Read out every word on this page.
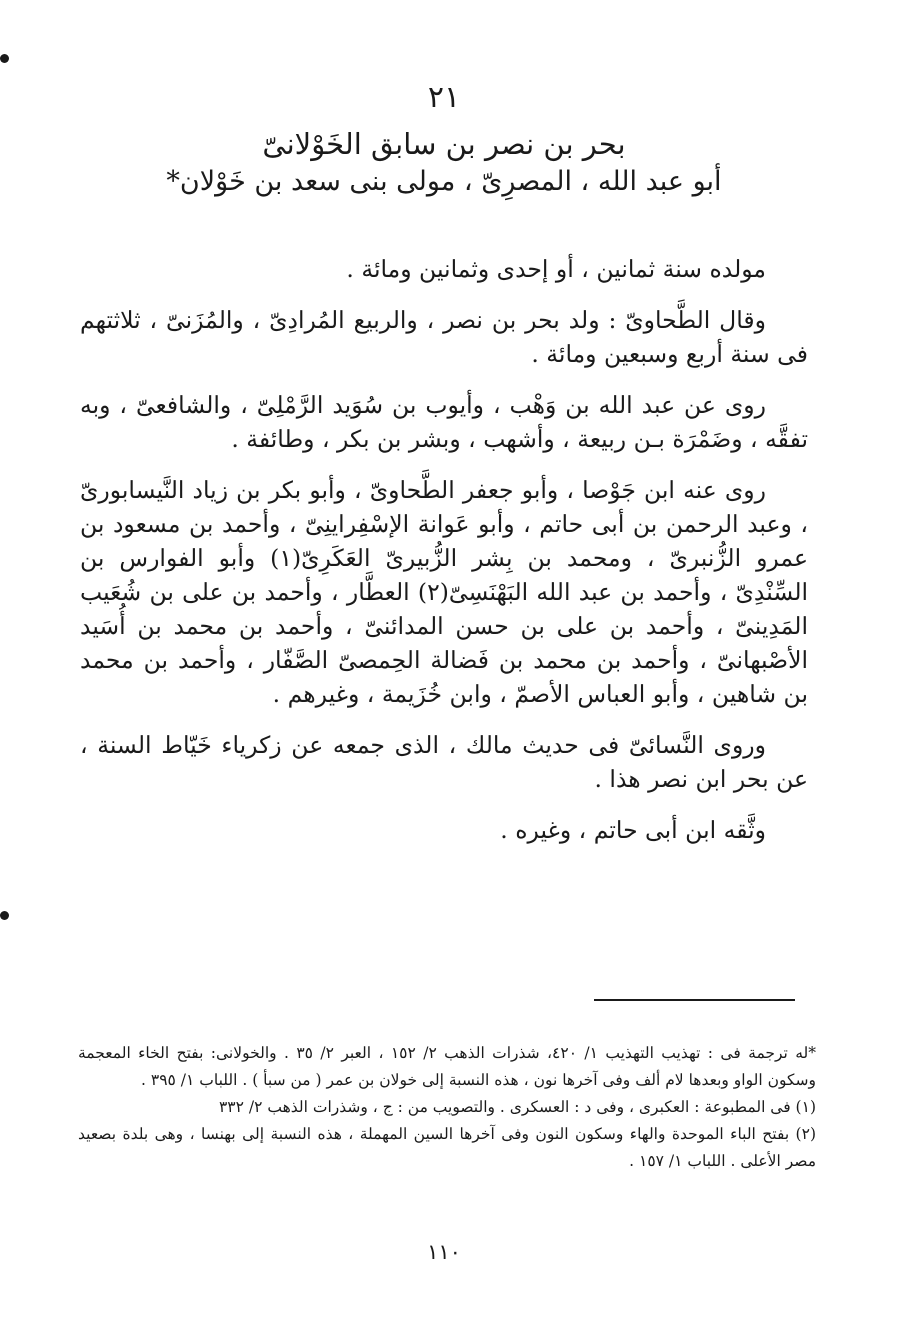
٢١
بحر بن نصر بن سابق الخَوْلانىّ
أبو عبد الله ، المصرِىّ ، مولى بنى سعد بن خَوْلان*

مولده سنة ثمانين ، أو إحدى وثمانين ومائة .

وقال الطَّحاوىّ : ولد بحر بن نصر ، والربيع المُرادِىّ ، والمُزَنىّ ، ثلاثتهم فى سنة أربع وسبعين ومائة .

روى عن عبد الله بن وَهْب ، وأيوب بن سُوَيد الرَّمْلِىّ ، والشافعىّ ، وبه تفقَّه ، وضَمْرَة بـن ربيعة ، وأشهب ، وبشر بن بكر ، وطائفة .

روى عنه ابن جَوْصا ، وأبو جعفر الطَّحاوىّ ، وأبو بكر بن زياد النَّيسابورىّ ، وعبد الرحمن بن أبى حاتم ، وأبو عَوانة الإسْفِراينِىّ ، وأحمد بن مسعود بن عمرو الزُّنبرىّ ، ومحمد بن بِشر الزُّبيرىّ العَكَرِىّ(١) وأبو الفوارس بن السِّنْدِىّ ، وأحمد بن عبد الله البَهْنَسِىّ(٢) العطَّار ، وأحمد بن على بن شُعَيب المَدِينىّ ، وأحمد بن على بن حسن المدائنىّ ، وأحمد بن محمد بن أُسَيد الأصْبهانىّ ، وأحمد بن محمد بن فَضالة الحِمصىّ الصَّفّار ، وأحمد بن محمد بن شاهين ، وأبو العباس الأصمّ ، وابن خُزَيمة ، وغيرهم .

وروى النَّسائىّ فى حديث مالك ، الذى جمعه عن زكرياء خَيّاط السنة ، عن بحر ابن نصر هذا .

وثَّقه ابن أبى حاتم ، وغيره .

*له ترجمة فى : تهذيب التهذيب ١/ ٤٢٠، شذرات الذهب ٢/ ١٥٢ ، العبر ٢/ ٣٥ . والخولانى: بفتح الخاء المعجمة وسكون الواو وبعدها لام ألف وفى آخرها نون ، هذه النسبة إلى خولان بن عمر ( من سبأ ) . اللباب ١/ ٣٩٥ .

(١) فى المطبوعة : العكبرى ، وفى د : العسكرى . والتصويب من : ج ، وشذرات الذهب ٢/ ٣٣٢

(٢) بفتح الباء الموحدة والهاء وسكون النون وفى آخرها السين المهملة ، هذه النسبة إلى بهنسا ، وهى بلدة بصعيد مصر الأعلى . اللباب ١/ ١٥٧ .

١١٠
